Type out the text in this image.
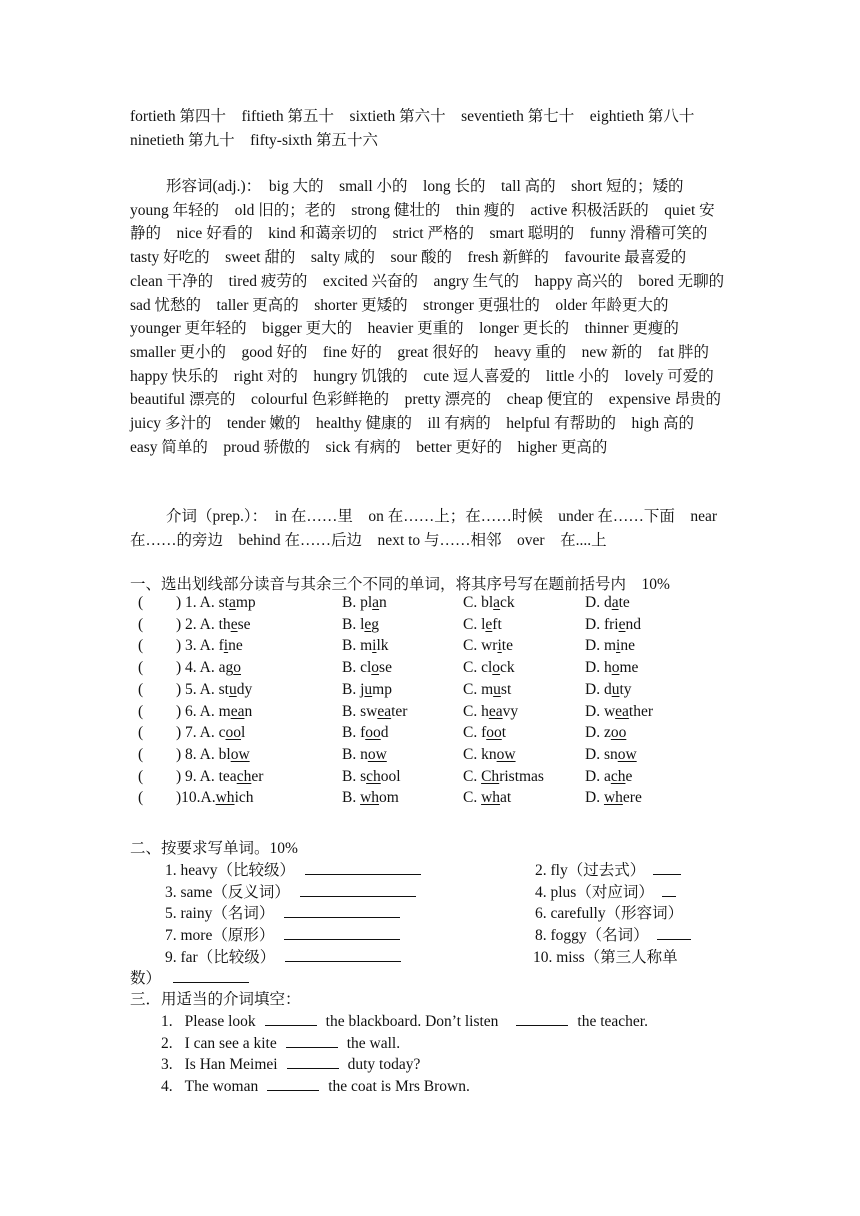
fortieth 第四十　fiftieth 第五十　sixtieth 第六十　seventieth 第七十　eightieth 第八十　ninetieth 第九十　fifty-sixth 第五十六

形容词(adj.)：　big 大的　small 小的　long 长的　tall 高的　short 短的；矮的　young 年轻的　old 旧的；老的　strong 健壮的　thin 瘦的　active 积极活跃的　quiet 安静的　nice 好看的　kind 和蔼亲切的　strict 严格的　smart 聪明的　funny 滑稽可笑的　tasty 好吃的　sweet 甜的　salty 咸的　sour 酸的　fresh 新鲜的　favourite 最喜爱的　clean 干净的　tired 疲劳的　excited 兴奋的　angry 生气的　happy 高兴的　bored 无聊的　sad 忧愁的　taller 更高的　shorter 更矮的　stronger 更强壮的　older 年龄更大的　younger 更年轻的　bigger 更大的　heavier 更重的　longer 更长的　thinner 更瘦的　smaller 更小的　good 好的　fine 好的　great 很好的　heavy 重的　new 新的　fat 胖的　happy 快乐的　right 对的　hungry 饥饿的　cute 逗人喜爱的　little 小的　lovely 可爱的　beautiful 漂亮的　colourful 色彩鲜艳的　pretty 漂亮的　cheap 便宜的　expensive 昂贵的　juicy 多汁的　tender 嫩的　healthy 健康的　ill 有病的　helpful 有帮助的　high 高的　easy 简单的　proud 骄傲的　sick 有病的　better 更好的　higher 更高的

介词（prep.）：　in 在……里　on 在……上；在……时候　under 在……下面　near 在……的旁边　behind 在……后边　next to 与……相邻　over　在....上

一、选出划线部分读音与其余三个不同的单词，将其序号写在题前括号内　10%
( ) 1. A. stamp	B. plan	C. black	D. date
( ) 2. A. these	B. leg	C. left	D. friend
( ) 3. A. fine	B. milk	C. write	D. mine
( ) 4. A. ago	B. close	C. clock	D. home
( ) 5. A. study	B. jump	C. must	D. duty
( ) 6. A. mean	B. sweater	C. heavy	D. weather
( ) 7. A. cool	B. food	C. foot	D. zoo
( ) 8. A. blow	B. now	C. know	D. snow
( ) 9. A. teacher	B. school	C. Christmas	D. ache
( )10.A.which	B. whom	C. what	D. where
二、按要求写单词。10%
1. heavy（比较级）	2. fly（过去式）
3. same（反义词）	4. plus（对应词）
5. rainy（名词）	6. carefully（形容词）
7. more（原形）	8. foggy（名词）
9. far（比较级）	10. miss（第三人称单
数）
三．用适当的介词填空：
1. Please look	the blackboard. Don’t listen	the teacher.
2. I can see a kite	the wall.
3. Is Han Meimei	duty today?
4. The woman	the coat is Mrs Brown.
